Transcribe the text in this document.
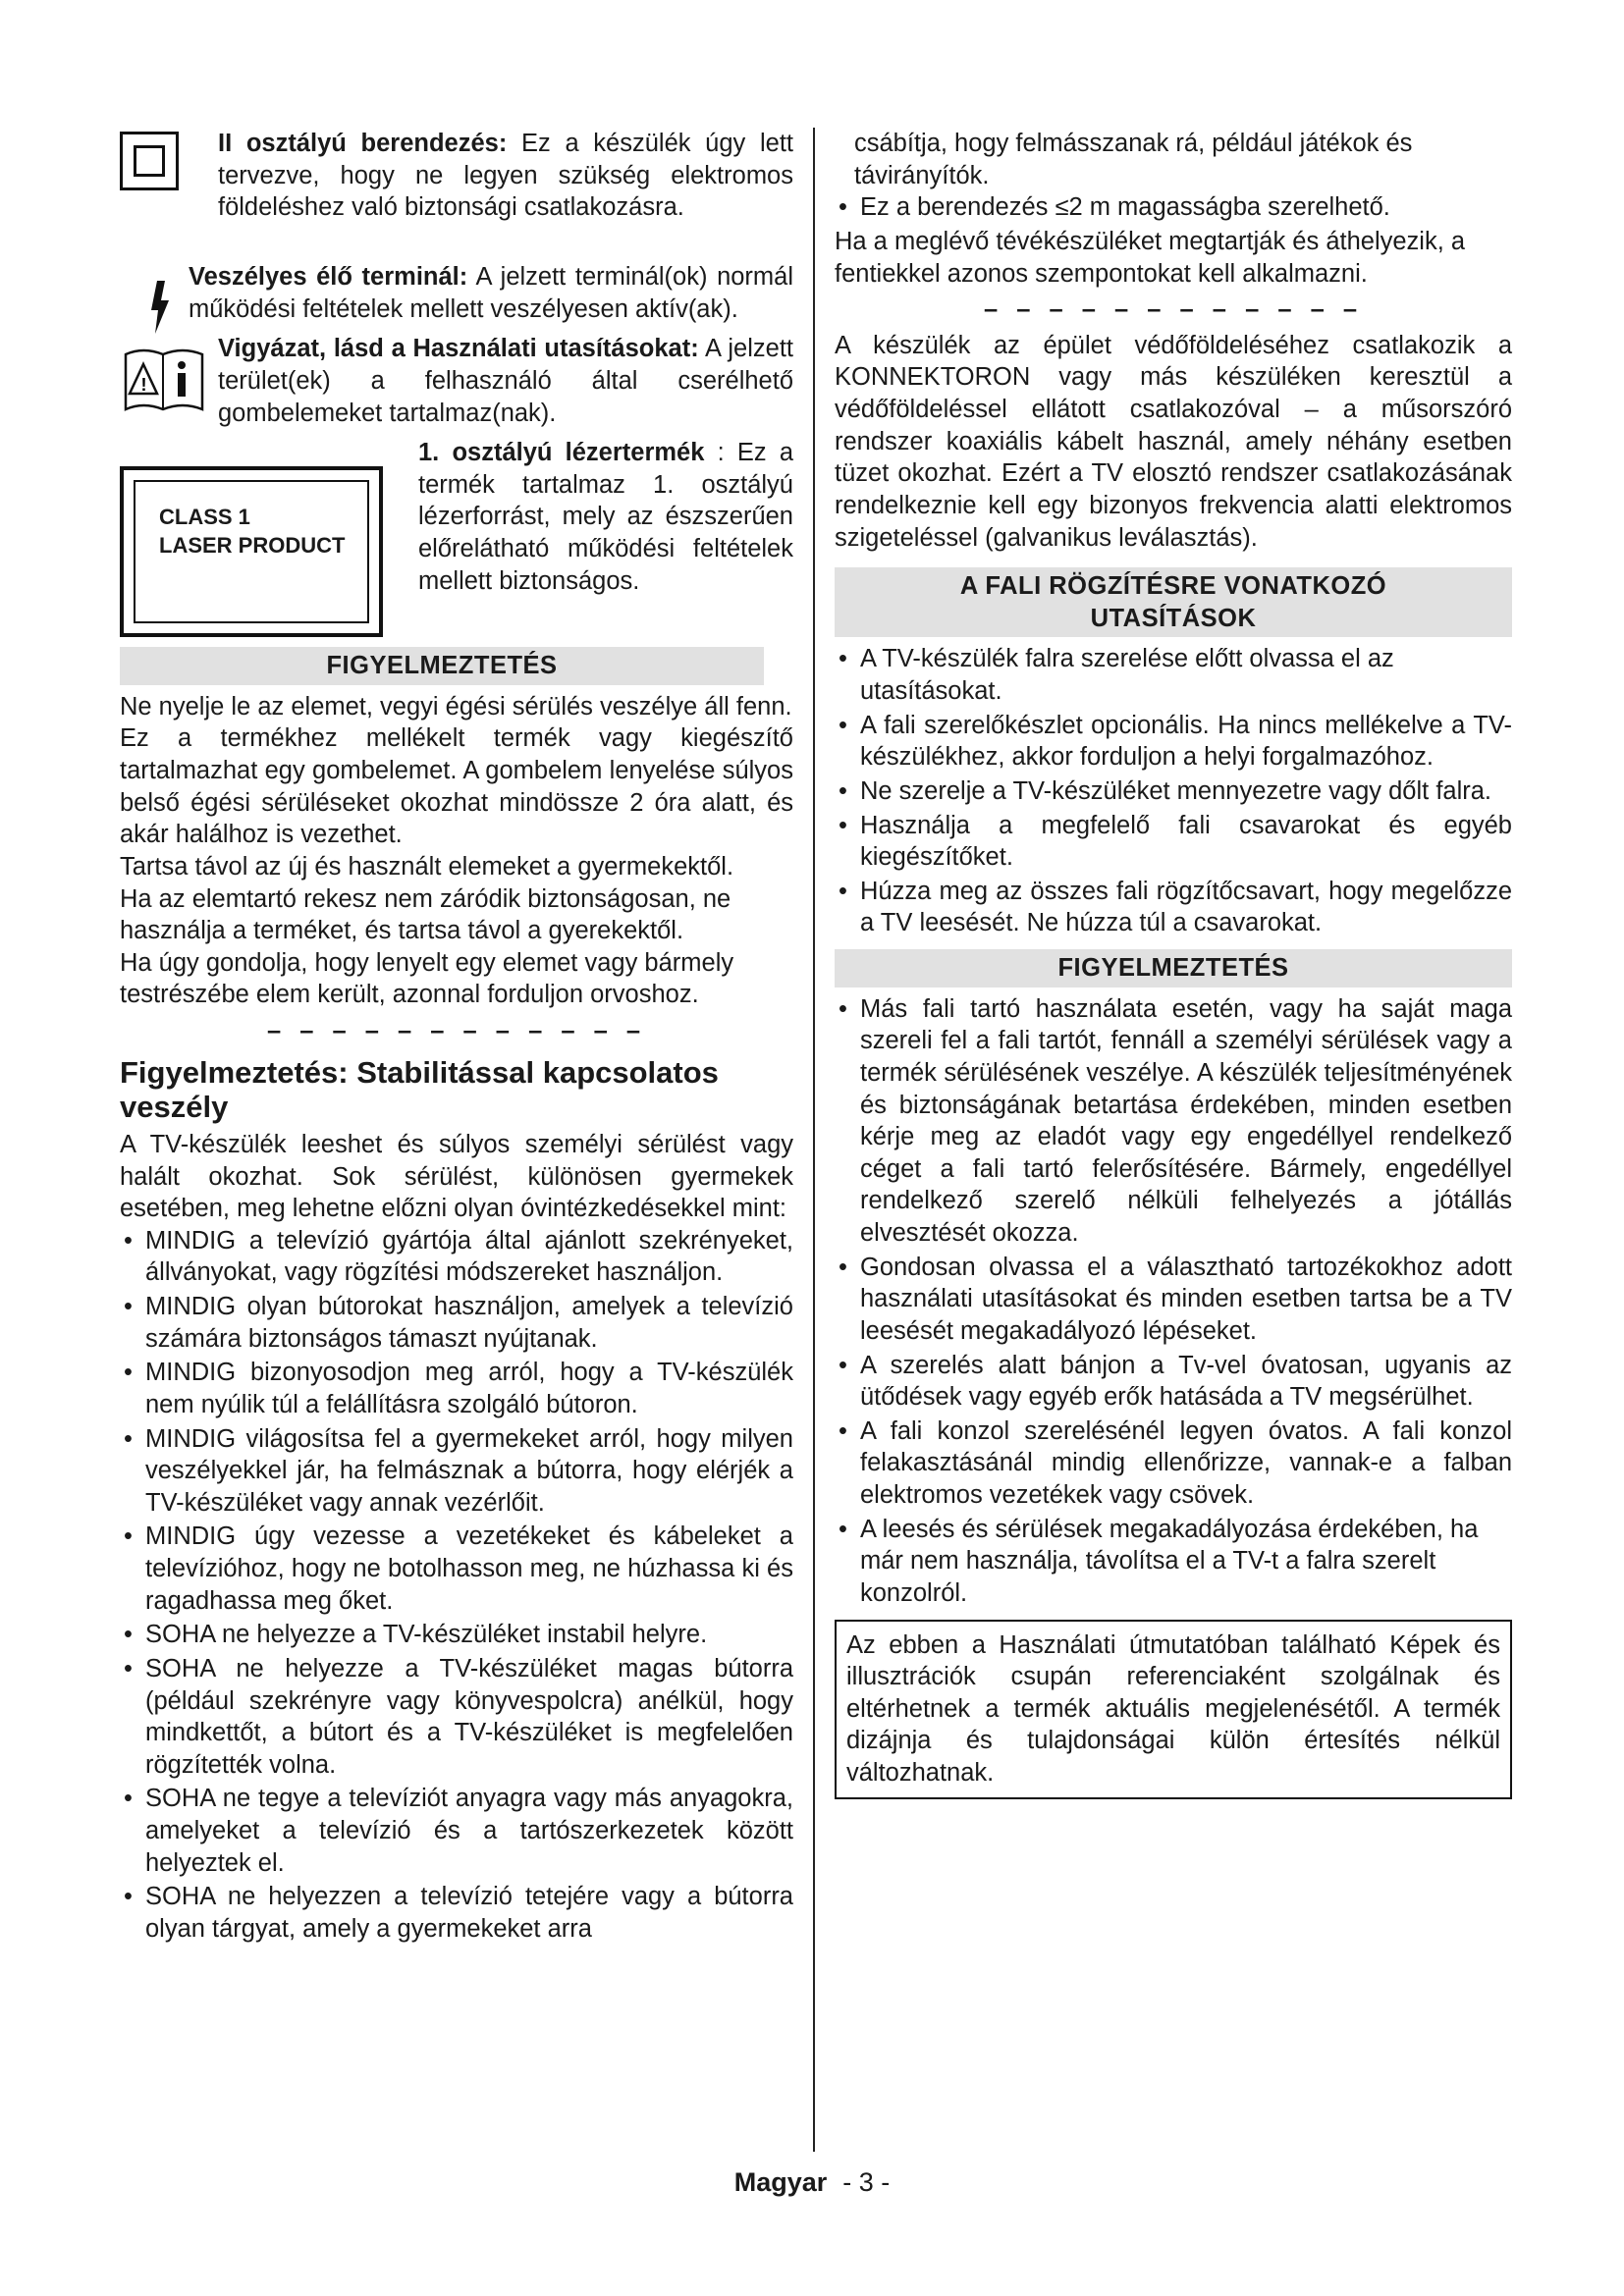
II osztályú berendezés: Ez a készülék úgy lett tervezve, hogy ne legyen szükség elektromos földeléshez való biztonsági csatlakozásra.

Veszélyes élő terminál: A jelzett terminál(ok) normál működési feltételek mellett veszélyesen aktív(ak).

!

Vigyázat, lásd a Használati utasításokat: A jelzett terület(ek) a felhasználó által cserélhető gombelemeket tartalmaz(nak).

CLASS 1
LASER PRODUCT

1. osztályú lézertermék : Ez a termék tartalmaz 1. osztályú lézerforrást, mely az észszerűen előrelátható működési feltételek mellett biztonságos.

FIGYELMEZTETÉS

Ne nyelje le az elemet, vegyi égési sérülés veszélye áll fenn.

Ez a termékhez mellékelt termék vagy kiegészítő tartalmazhat egy gombelemet. A gombelem lenyelése súlyos belső égési sérüléseket okozhat mindössze 2 óra alatt, és akár halálhoz is vezethet.

Tartsa távol az új és használt elemeket a gyermekektől.

Ha az elemtartó rekesz nem záródik biztonságosan, ne használja a terméket, és tartsa távol a gyerekektől.

Ha úgy gondolja, hogy lenyelt egy elemet vagy bármely testrészébe elem került, azonnal forduljon orvoshoz.

– – – – – – – – – – – –
Figyelmeztetés: Stabilitással kapcsolatos veszély

A TV-készülék leeshet és súlyos személyi sérülést vagy halált okozhat. Sok sérülést, különösen gyermekek esetében, meg lehetne előzni olyan óvintézkedésekkel mint:

• MINDIG a televízió gyártója által ajánlott szekrényeket, állványokat, vagy rögzítési módszereket használjon.
• MINDIG olyan bútorokat használjon, amelyek a televízió számára biztonságos támaszt nyújtanak.
• MINDIG bizonyosodjon meg arról, hogy a TV-készülék nem nyúlik túl a felállításra szolgáló bútoron.
• MINDIG világosítsa fel a gyermekeket arról, hogy milyen veszélyekkel jár, ha felmásznak a bútorra, hogy elérjék a TV-készüléket vagy annak vezérlőit.
• MINDIG úgy vezesse a vezetékeket és kábeleket a televízióhoz, hogy ne botolhasson meg, ne húzhassa ki és ragadhassa meg őket.
• SOHA ne helyezze a TV-készüléket instabil helyre.
• SOHA ne helyezze a TV-készüléket magas bútorra (például szekrényre vagy könyvespolcra) anélkül, hogy mindkettőt, a bútort és a TV-készüléket is megfelelően rögzítették volna.
• SOHA ne tegye a televíziót anyagra vagy más anyagokra, amelyeket a televízió és a tartószerkezetek között helyeztek el.
• SOHA ne helyezzen a televízió tetejére vagy a bútorra olyan tárgyat, amely a gyermekeket arra

csábítja, hogy felmásszanak rá, például játékok és távirányítók.

• Ez a berendezés ≤2 m magasságba szerelhető.

Ha a meglévő tévékészüléket megtartják és áthelyezik, a fentiekkel azonos szempontokat kell alkalmazni.

– – – – – – – – – – – –

A készülék az épület védőföldeléséhez csatlakozik a KONNEKTORON vagy más készüléken keresztül a védőföldeléssel ellátott csatlakozóval – a műsorszóró rendszer koaxiális kábelt használ, amely néhány esetben tüzet okozhat. Ezért a TV elosztó rendszer csatlakozásának rendelkeznie kell egy bizonyos frekvencia alatti elektromos szigeteléssel (galvanikus leválasztás).

A FALI RÖGZÍTÉSRE VONATKOZÓ
UTASÍTÁSOK
• A TV-készülék falra szerelése előtt olvassa el az utasításokat.
• A fali szerelőkészlet opcionális. Ha nincs mellékelve a TV-készülékhez, akkor forduljon a helyi forgalmazóhoz.
• Ne szerelje a TV-készüléket mennyezetre vagy dőlt falra.
• Használja a megfelelő fali csavarokat és egyéb kiegészítőket.
• Húzza meg az összes fali rögzítőcsavart, hogy megelőzze a TV leesését. Ne húzza túl a csavarokat.
FIGYELMEZTETÉS
• Más fali tartó használata esetén, vagy ha saját maga szereli fel a fali tartót, fennáll a személyi sérülések vagy a termék sérülésének veszélye. A készülék teljesítményének és biztonságának betartása érdekében, minden esetben kérje meg az eladót vagy egy engedéllyel rendelkező céget a fali tartó felerősítésére. Bármely, engedéllyel rendelkező szerelő nélküli felhelyezés a jótállás elvesztését okozza.
• Gondosan olvassa el a választható tartozékokhoz adott használati utasításokat és minden esetben tartsa be a TV leesését megakadályozó lépéseket.
• A szerelés alatt bánjon a Tv-vel óvatosan, ugyanis az ütődések vagy egyéb erők hatásáda a TV megsérülhet.
• A fali konzol szerelésénél legyen óvatos. A fali konzol felakasztásánál mindig ellenőrizze, vannak-e a falban elektromos vezetékek vagy csövek.
• A leesés és sérülések megakadályozása érdekében, ha már nem használja, távolítsa el a TV-t a falra szerelt konzolról.
Az ebben a Használati útmutatóban található Képek és illusztrációk csupán referenciaként szolgálnak és eltérhetnek a termék aktuális megjelenésétől. A termék dizájnja és tulajdonságai külön értesítés nélkül változhatnak.
Magyar - 3 -
